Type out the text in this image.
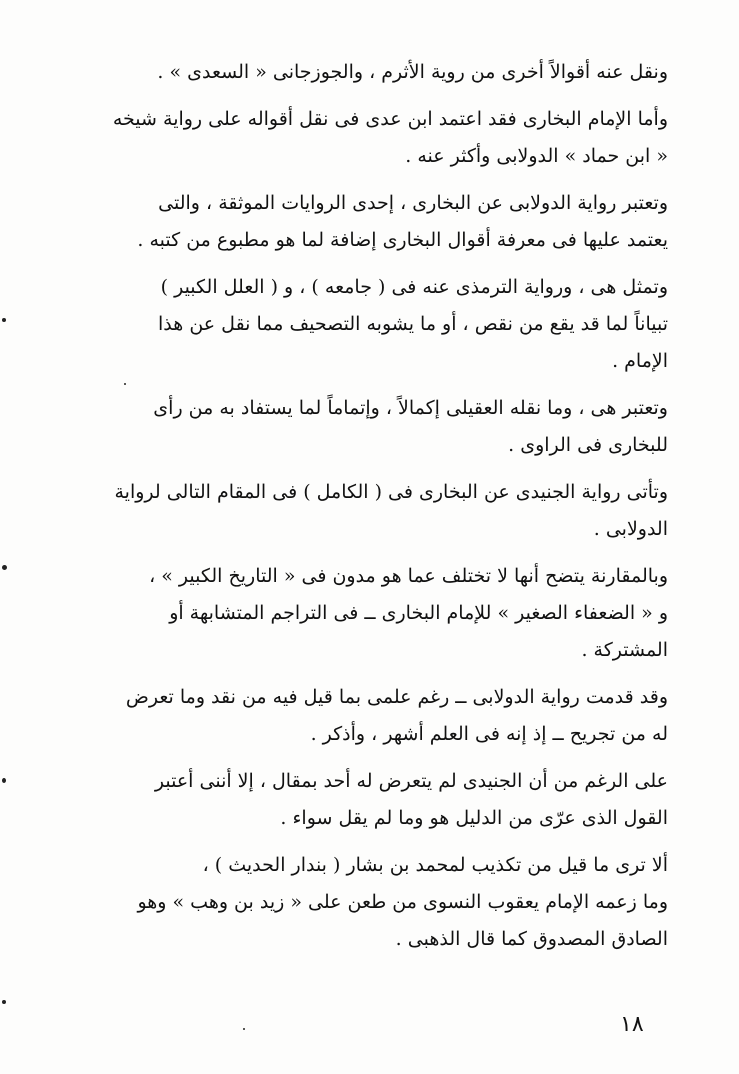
ونقل عنه أقوالاً أخرى من روية الأثرم ، والجوزجانى « السعدى » .

وأما الإمام البخارى فقد اعتمد ابن عدى فى نقل أقواله على رواية شيخه
« ابن حماد » الدولابى وأكثر عنه .

وتعتبر رواية الدولابى عن البخارى ، إحدى الروايات الموثقة ، والتى
يعتمد عليها فى معرفة أقوال البخارى إضافة لما هو مطبوع من كتبه .

وتمثل هى ، ورواية الترمذى عنه فى ( جامعه ) ، و ( العلل الكبير )
تبياناً لما قد يقع من نقص ، أو ما يشوبه التصحيف مما نقل عن هذا
الإمام .

وتعتبر هى ، وما نقله العقيلى إكمالاً ، وإتماماً لما يستفاد به من رأى
للبخارى فى الراوى .

وتأتى رواية الجنيدى عن البخارى فى ( الكامل ) فى المقام التالى لرواية
الدولابى .

وبالمقارنة يتضح أنها لا تختلف عما هو مدون فى « التاريخ الكبير » ،
و « الضعفاء الصغير » للإمام البخارى ــ فى التراجم المتشابهة أو
المشتركة .

وقد قدمت رواية الدولابى ــ رغم علمى بما قيل فيه من نقد وما تعرض
له من تجريح ــ إذ إنه فى العلم أشهر ، وأذكر .

على الرغم من أن الجنيدى لم يتعرض له أحد بمقال ، إلا أننى أعتبر
القول الذى عرّى من الدليل هو وما لم يقل سواء .

ألا ترى ما قيل من تكذيب لمحمد بن بشار ( بندار الحديث ) ،
وما زعمه الإمام يعقوب النسوى من طعن على « زيد بن وهب » وهو
الصادق المصدوق كما قال الذهبى .

١٨
